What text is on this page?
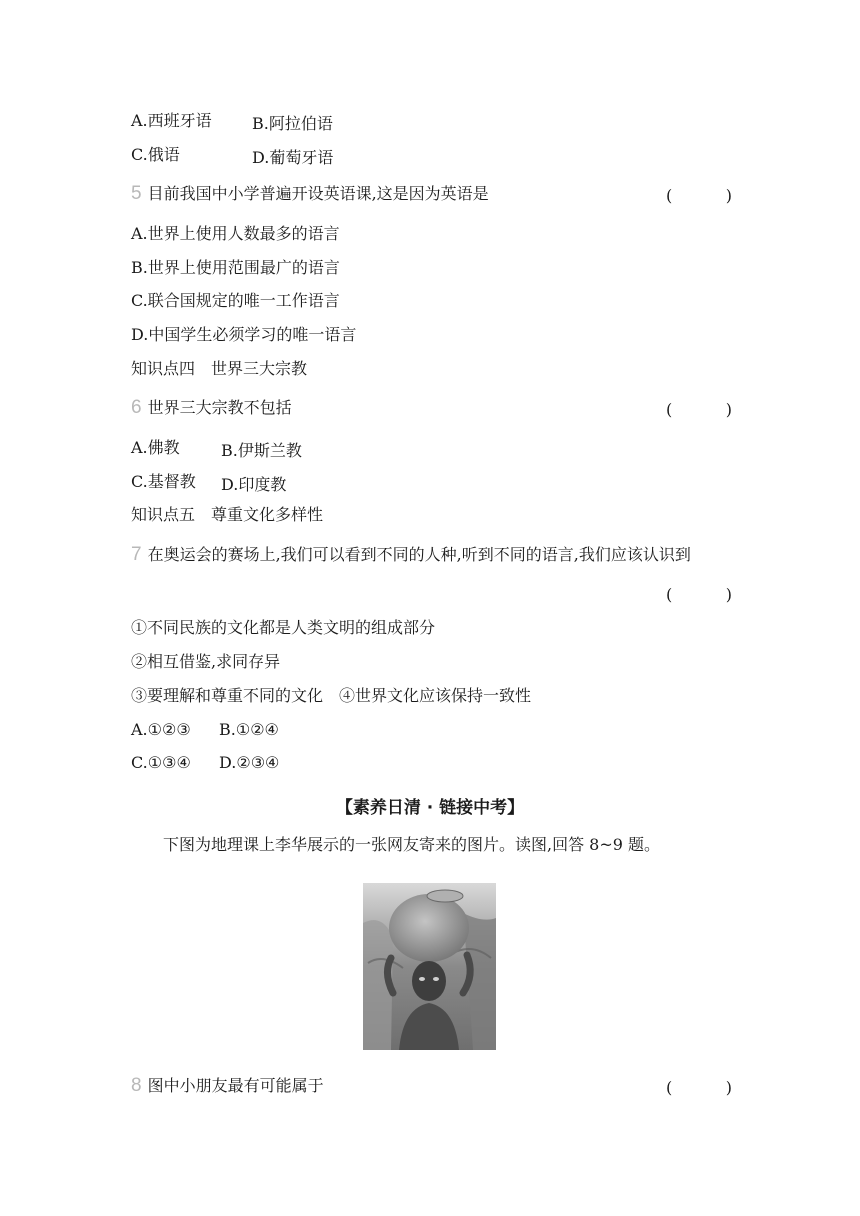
A.西班牙语	B.阿拉伯语
C.俄语	D.葡萄牙语
5 目前我国中小学普遍开设英语课,这是因为英语是	(	)
A.世界上使用人数最多的语言
B.世界上使用范围最广的语言
C.联合国规定的唯一工作语言
D.中国学生必须学习的唯一语言
知识点四　世界三大宗教
6 世界三大宗教不包括	(	)
A.佛教	B.伊斯兰教
C.基督教 D.印度教
知识点五　尊重文化多样性
7 在奥运会的赛场上,我们可以看到不同的人种,听到不同的语言,我们应该认识到
(	)
①不同民族的文化都是人类文明的组成部分
②相互借鉴,求同存异
③要理解和尊重不同的文化　④世界文化应该保持一致性
A.①②③ B.①②④
C.①③④ D.②③④
【素养日清 · 链接中考】
下图为地理课上李华展示的一张网友寄来的图片。读图,回答 8~9 题。
8 图中小朋友最有可能属于	(	)
